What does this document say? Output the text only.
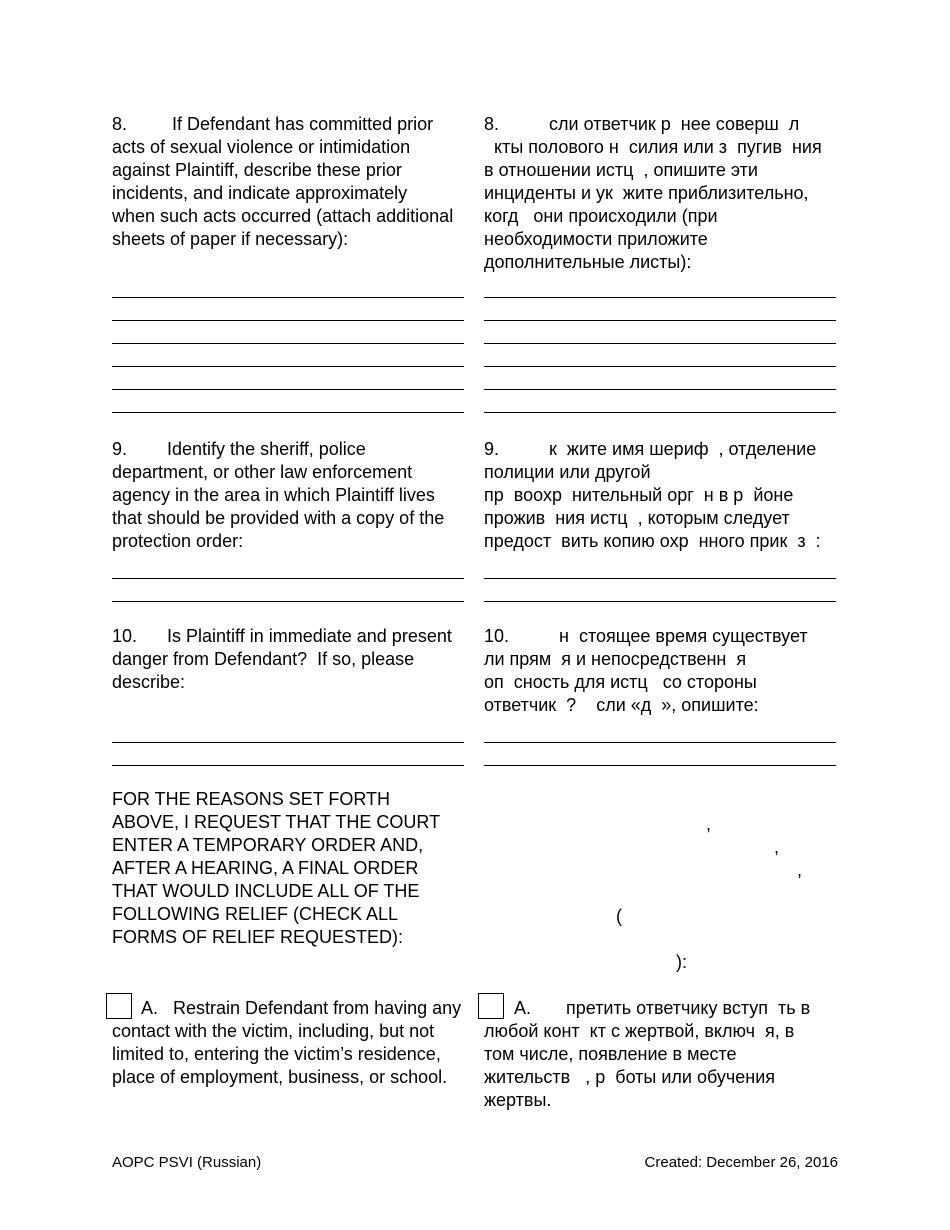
8.         If Defendant has committed prior
acts of sexual violence or intimidation
against Plaintiff, describe these prior
incidents, and indicate approximately
when such acts occurred (attach additional
sheets of paper if necessary):
8.          сли ответчик р  нее соверш  л
кты полового н  силия или з  пугив  ния
в отношении истц  , опишите эти
инциденты и ук  жите приблизительно,
когд   они происходили (при
необходимости приложите
дополнительные листы):
9.        Identify the sheriff, police
department, or other law enforcement
agency in the area in which Plaintiff lives
that should be provided with a copy of the
protection order:
9.          к  жите имя шериф  , отделение
полиции или другой
пр  воохр  нительный орг  н в р  йоне
прожив  ния истц  , которым следует
предост  вить копию охр  нного прик  з  :
10.      Is Plaintiff in immediate and present
danger from Defendant?  If so, please
describe:
10.          н  стоящее время существует
ли прям  я и непосредственн  я
оп  сность для истц   со стороны
ответчик  ?    сли «д  », опишите:
FOR THE REASONS SET FORTH
ABOVE, I REQUEST THAT THE COURT
ENTER A TEMPORARY ORDER AND,
AFTER A HEARING, A FINAL ORDER
THAT WOULD INCLUDE ALL OF THE
FOLLOWING RELIEF (CHECK ALL
FORMS OF RELIEF REQUESTED):
,
,
,
(
):
A.   Restrain Defendant from having any
contact with the victim, including, but not
limited to, entering the victim’s residence,
place of employment, business, or school.
А.       претить ответчику вступ  ть в
любой конт  кт с жертвой, включ  я, в
том числе, появление в месте
жительств   , р  боты или обучения
жертвы.
AOPC PSVI (Russian)	Created: December 26, 2016
